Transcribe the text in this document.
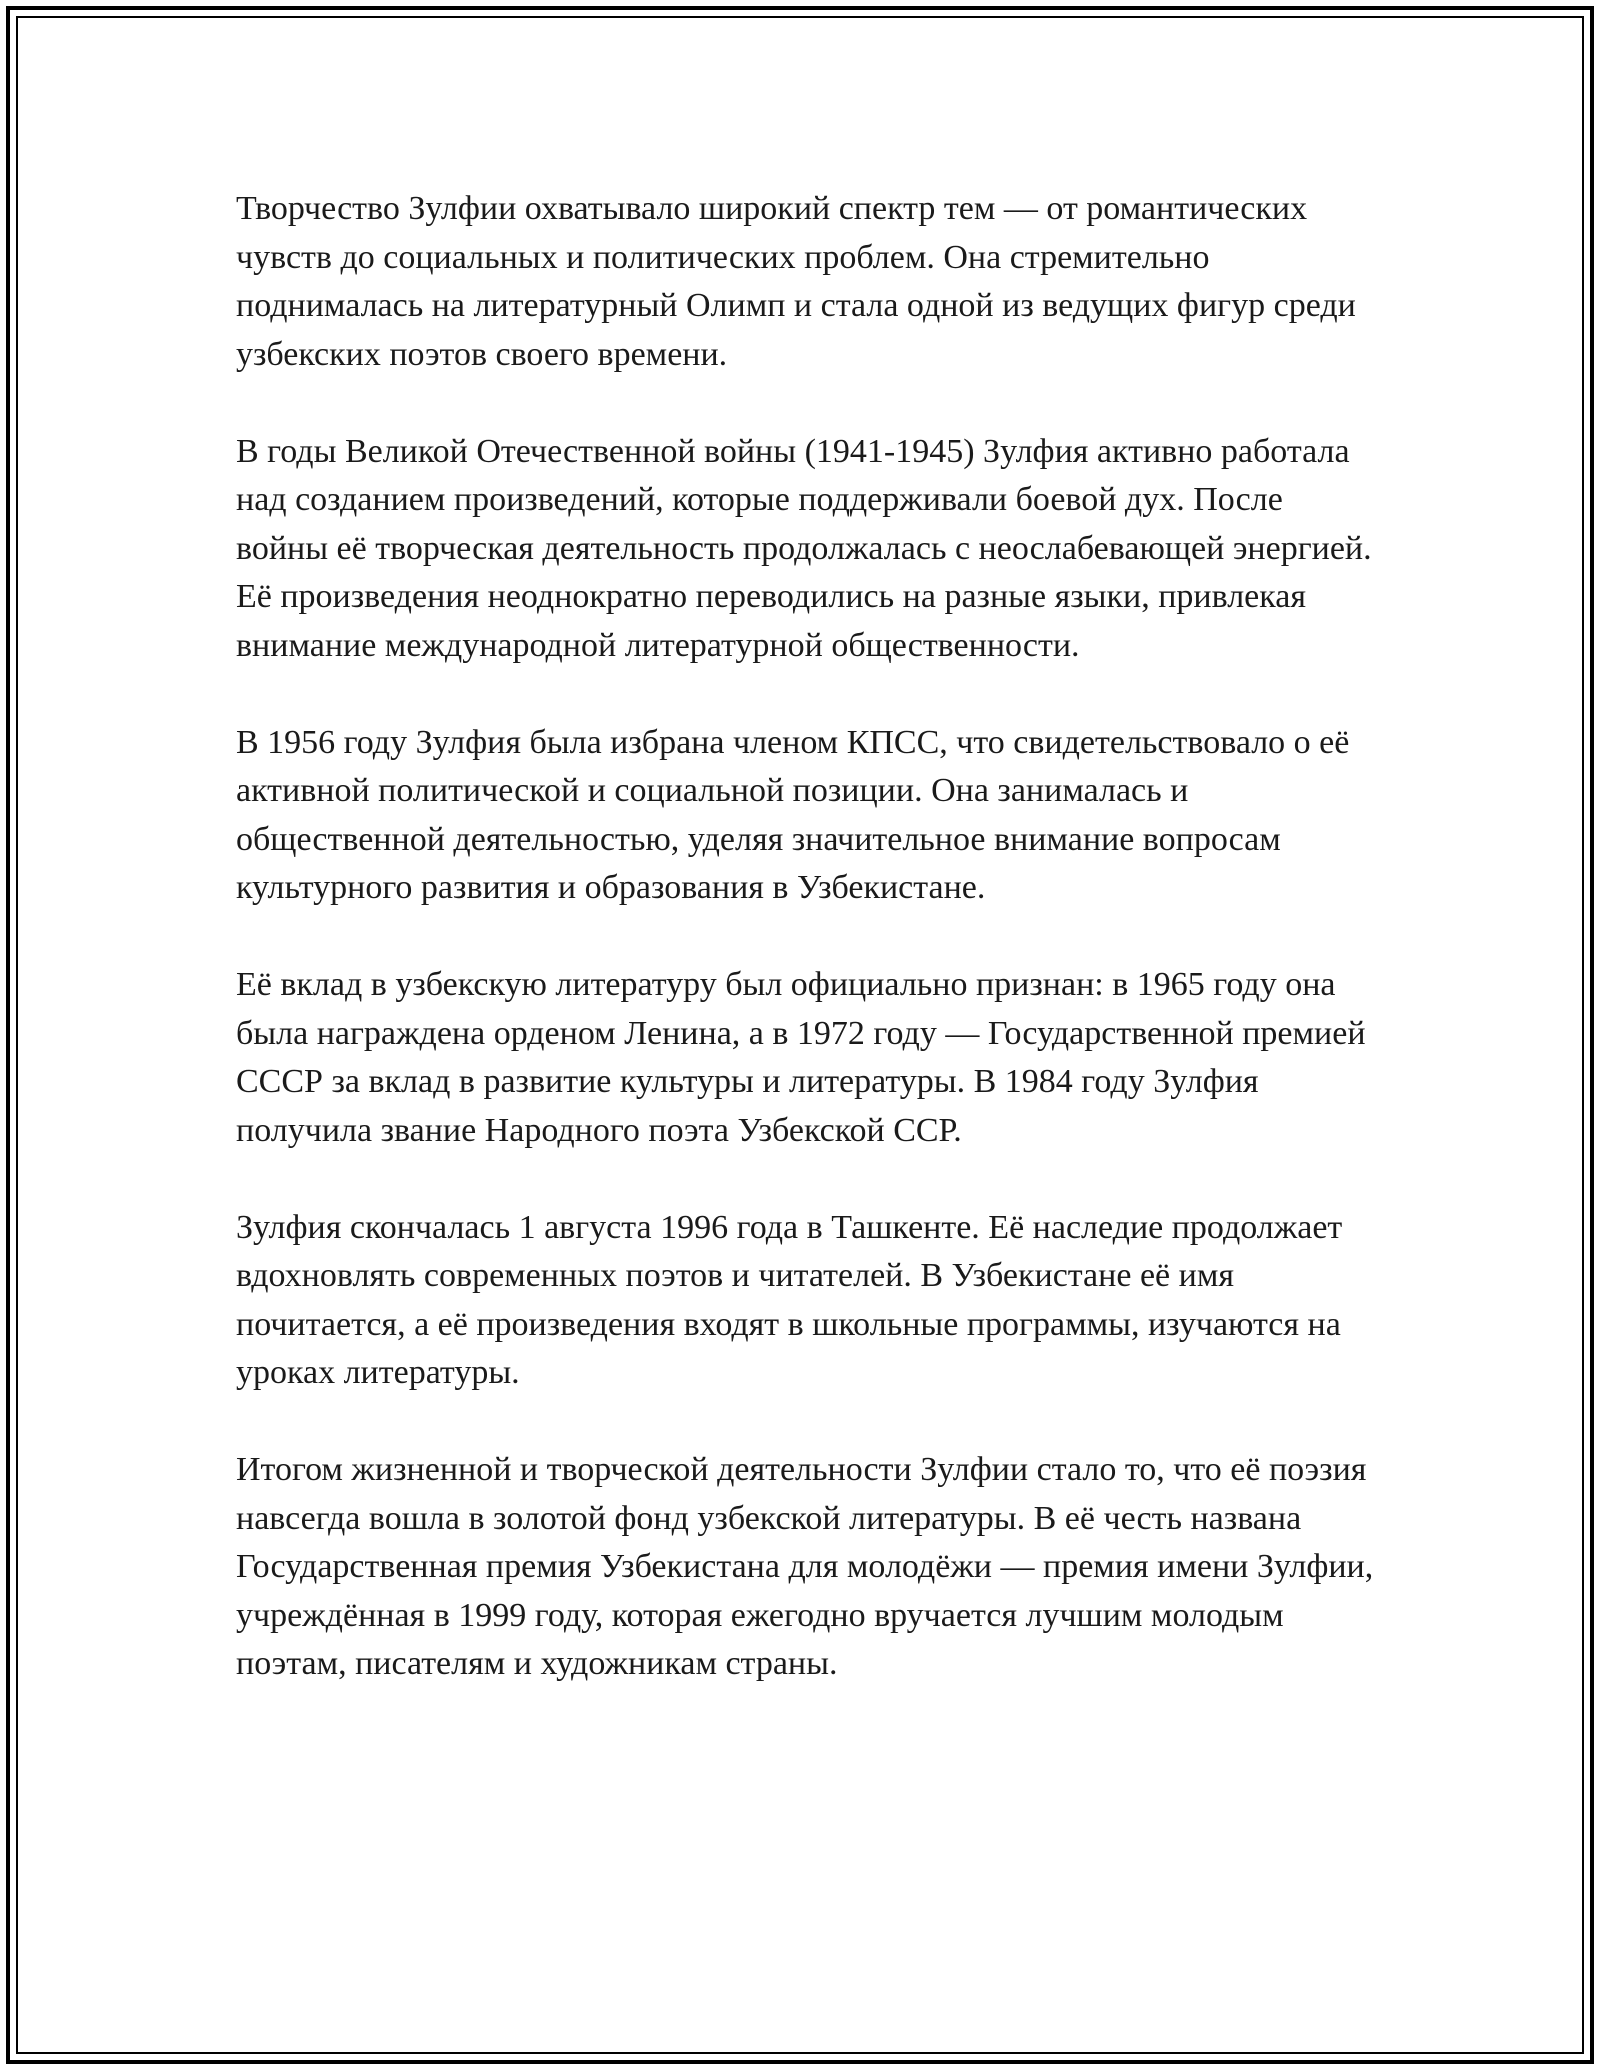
Творчество Зулфии охватывало широкий спектр тем — от романтических чувств до социальных и политических проблем. Она стремительно поднималась на литературный Олимп и стала одной из ведущих фигур среди узбекских поэтов своего времени.

В годы Великой Отечественной войны (1941-1945) Зулфия активно работала над созданием произведений, которые поддерживали боевой дух. После войны её творческая деятельность продолжалась с неослабевающей энергией. Её произведения неоднократно переводились на разные языки, привлекая внимание международной литературной общественности.

В 1956 году Зулфия была избрана членом КПСС, что свидетельствовало о её активной политической и социальной позиции. Она занималась и общественной деятельностью, уделяя значительное внимание вопросам культурного развития и образования в Узбекистане.

Её вклад в узбекскую литературу был официально признан: в 1965 году она была награждена орденом Ленина, а в 1972 году — Государственной премией СССР за вклад в развитие культуры и литературы. В 1984 году Зулфия получила звание Народного поэта Узбекской ССР.

Зулфия скончалась 1 августа 1996 года в Ташкенте. Её наследие продолжает вдохновлять современных поэтов и читателей. В Узбекистане её имя почитается, а её произведения входят в школьные программы, изучаются на уроках литературы.

Итогом жизненной и творческой деятельности Зулфии стало то, что её поэзия навсегда вошла в золотой фонд узбекской литературы. В её честь названа Государственная премия Узбекистана для молодёжи — премия имени Зулфии, учреждённая в 1999 году, которая ежегодно вручается лучшим молодым поэтам, писателям и художникам страны.
